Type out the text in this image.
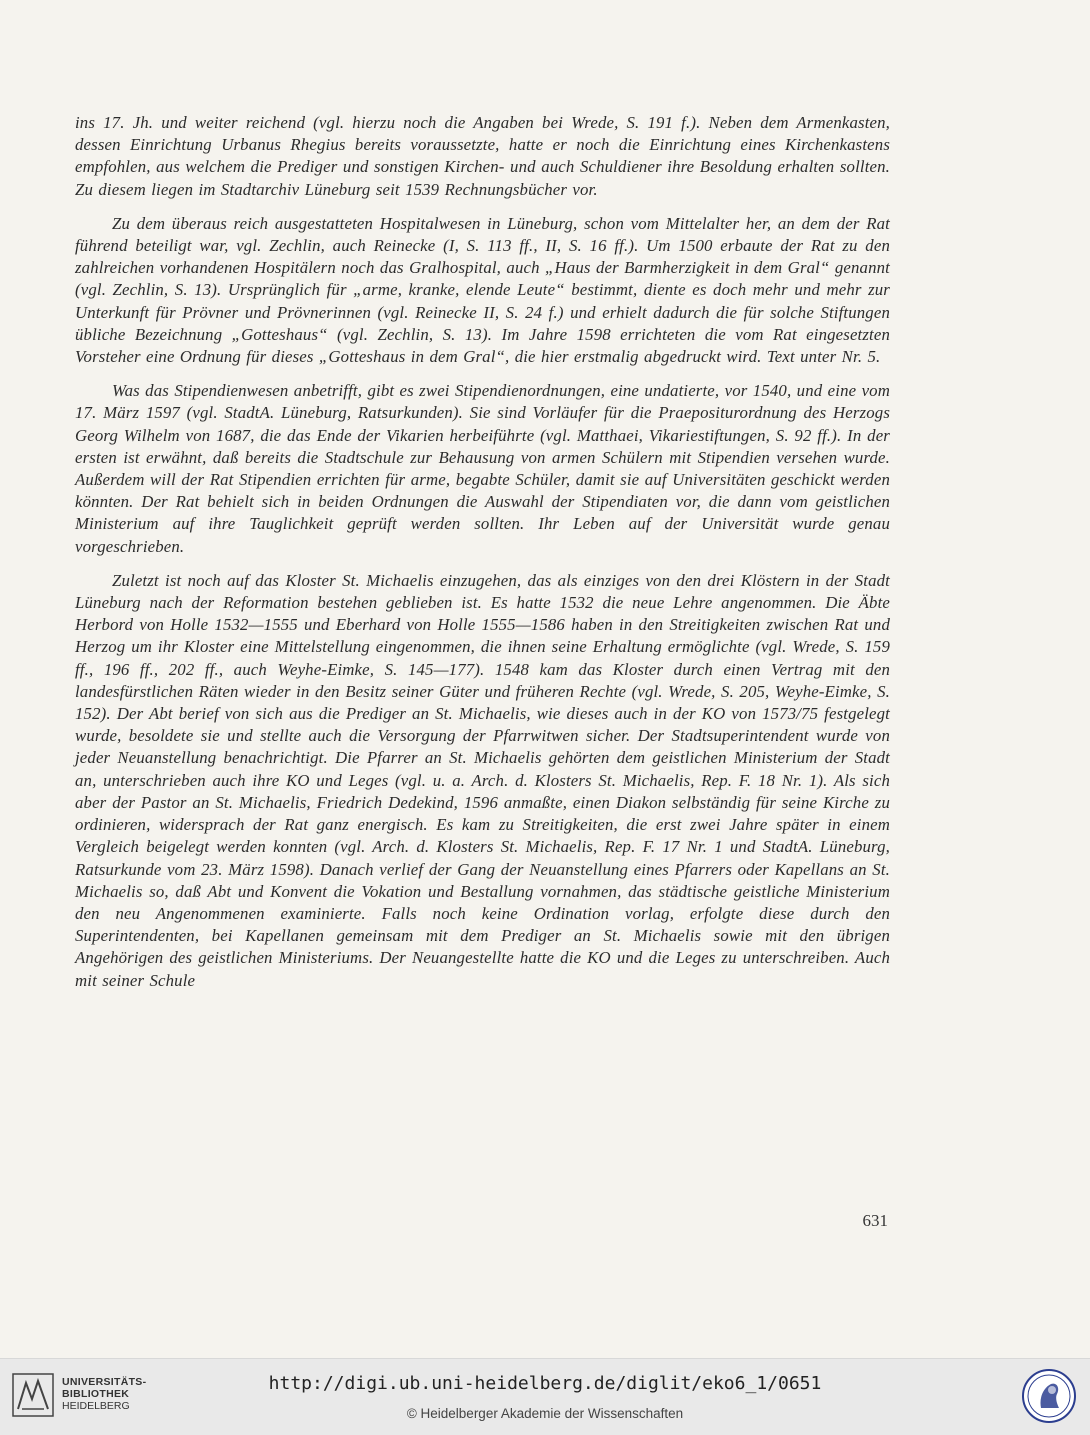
ins 17. Jh. und weiter reichend (vgl. hierzu noch die Angaben bei Wrede, S. 191 f.). Neben dem Armenkasten, dessen Einrichtung Urbanus Rhegius bereits voraussetzte, hatte er noch die Einrichtung eines Kirchenkastens empfohlen, aus welchem die Prediger und sonstigen Kirchen- und auch Schuldiener ihre Besoldung erhalten sollten. Zu diesem liegen im Stadtarchiv Lüneburg seit 1539 Rechnungsbücher vor.

Zu dem überaus reich ausgestatteten Hospitalwesen in Lüneburg, schon vom Mittelalter her, an dem der Rat führend beteiligt war, vgl. Zechlin, auch Reinecke (I, S. 113 ff., II, S. 16 ff.). Um 1500 erbaute der Rat zu den zahlreichen vorhandenen Hospitälern noch das Gralhospital, auch „Haus der Barmherzigkeit in dem Gral“ genannt (vgl. Zechlin, S. 13). Ursprünglich für „arme, kranke, elende Leute“ bestimmt, diente es doch mehr und mehr zur Unterkunft für Prövner und Prövnerinnen (vgl. Reinecke II, S. 24 f.) und erhielt dadurch die für solche Stiftungen übliche Bezeichnung „Gotteshaus“ (vgl. Zechlin, S. 13). Im Jahre 1598 errichteten die vom Rat eingesetzten Vorsteher eine Ordnung für dieses „Gotteshaus in dem Gral“, die hier erstmalig abgedruckt wird. Text unter Nr. 5.

Was das Stipendienwesen anbetrifft, gibt es zwei Stipendienordnungen, eine undatierte, vor 1540, und eine vom 17. März 1597 (vgl. StadtA. Lüneburg, Ratsurkunden). Sie sind Vorläufer für die Praepositurordnung des Herzogs Georg Wilhelm von 1687, die das Ende der Vikarien herbeiführte (vgl. Matthaei, Vikariestiftungen, S. 92 ff.). In der ersten ist erwähnt, daß bereits die Stadtschule zur Behausung von armen Schülern mit Stipendien versehen wurde. Außerdem will der Rat Stipendien errichten für arme, begabte Schüler, damit sie auf Universitäten geschickt werden könnten. Der Rat behielt sich in beiden Ordnungen die Auswahl der Stipendiaten vor, die dann vom geistlichen Ministerium auf ihre Tauglichkeit geprüft werden sollten. Ihr Leben auf der Universität wurde genau vorgeschrieben.

Zuletzt ist noch auf das Kloster St. Michaelis einzugehen, das als einziges von den drei Klöstern in der Stadt Lüneburg nach der Reformation bestehen geblieben ist. Es hatte 1532 die neue Lehre angenommen. Die Äbte Herbord von Holle 1532—1555 und Eberhard von Holle 1555—1586 haben in den Streitigkeiten zwischen Rat und Herzog um ihr Kloster eine Mittelstellung eingenommen, die ihnen seine Erhaltung ermöglichte (vgl. Wrede, S. 159 ff., 196 ff., 202 ff., auch Weyhe-Eimke, S. 145—177). 1548 kam das Kloster durch einen Vertrag mit den landesfürstlichen Räten wieder in den Besitz seiner Güter und früheren Rechte (vgl. Wrede, S. 205, Weyhe-Eimke, S. 152). Der Abt berief von sich aus die Prediger an St. Michaelis, wie dieses auch in der KO von 1573/75 festgelegt wurde, besoldete sie und stellte auch die Versorgung der Pfarrwitwen sicher. Der Stadtsuperintendent wurde von jeder Neuanstellung benachrichtigt. Die Pfarrer an St. Michaelis gehörten dem geistlichen Ministerium der Stadt an, unterschrieben auch ihre KO und Leges (vgl. u. a. Arch. d. Klosters St. Michaelis, Rep. F. 18 Nr. 1). Als sich aber der Pastor an St. Michaelis, Friedrich Dedekind, 1596 anmaßte, einen Diakon selbständig für seine Kirche zu ordinieren, widersprach der Rat ganz energisch. Es kam zu Streitigkeiten, die erst zwei Jahre später in einem Vergleich beigelegt werden konnten (vgl. Arch. d. Klosters St. Michaelis, Rep. F. 17 Nr. 1 und StadtA. Lüneburg, Ratsurkunde vom 23. März 1598). Danach verlief der Gang der Neuanstellung eines Pfarrers oder Kapellans an St. Michaelis so, daß Abt und Konvent die Vokation und Bestallung vornahmen, das städtische geistliche Ministerium den neu Angenommenen examinierte. Falls noch keine Ordination vorlag, erfolgte diese durch den Superintendenten, bei Kapellanen gemeinsam mit dem Prediger an St. Michaelis sowie mit den übrigen Angehörigen des geistlichen Ministeriums. Der Neuangestellte hatte die KO und die Leges zu unterschreiben. Auch mit seiner Schule

631
UNIVERSITÄTS-
BIBLIOTHEK
HEIDELBERG
http://digi.ub.uni-heidelberg.de/diglit/eko6_1/0651
© Heidelberger Akademie der Wissenschaften
